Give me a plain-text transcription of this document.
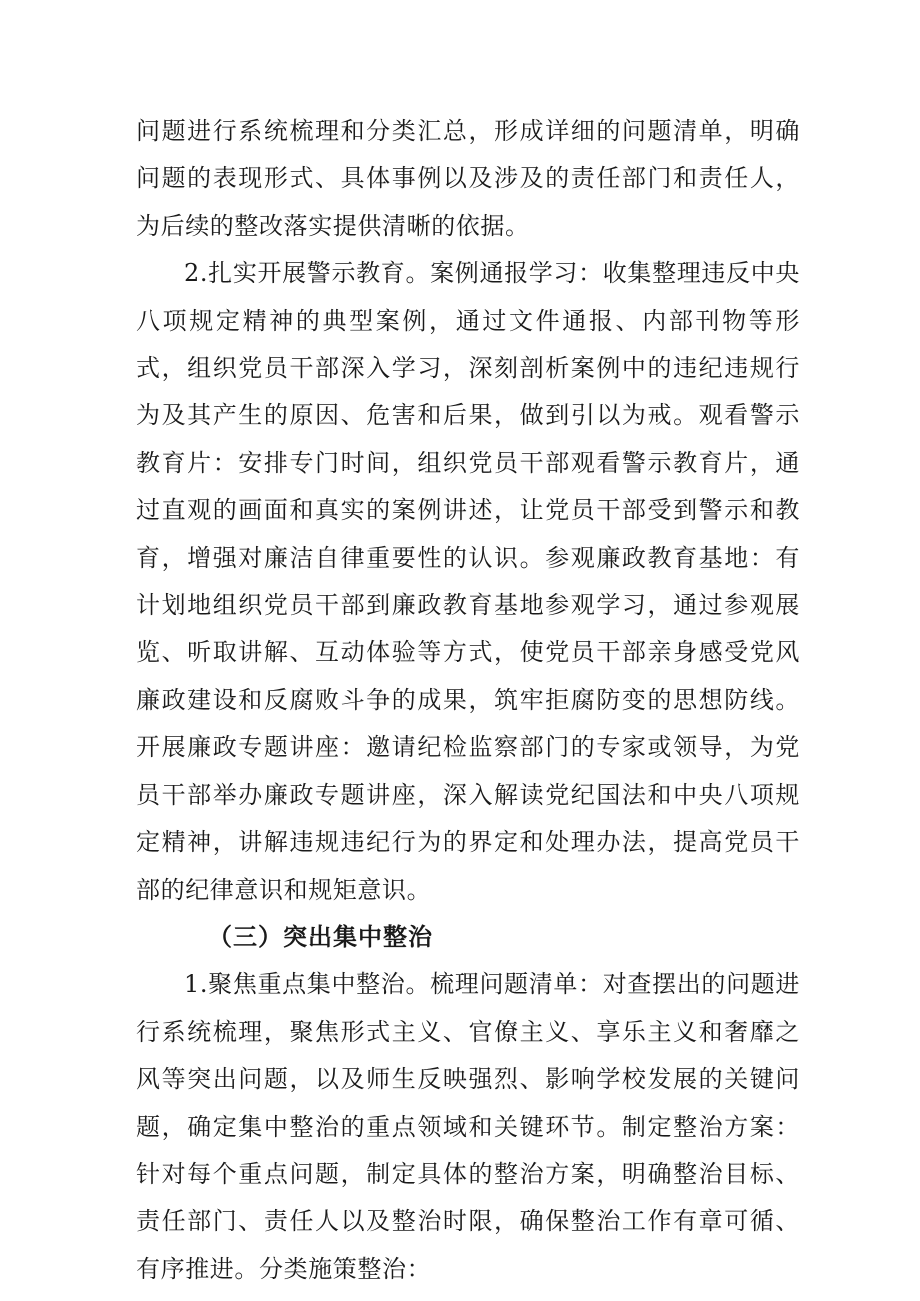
问题进行系统梳理和分类汇总，形成详细的问题清单，明确问题的表现形式、具体事例以及涉及的责任部门和责任人，为后续的整改落实提供清晰的依据。

2.扎实开展警示教育。案例通报学习：收集整理违反中央八项规定精神的典型案例，通过文件通报、内部刊物等形式，组织党员干部深入学习，深刻剖析案例中的违纪违规行为及其产生的原因、危害和后果，做到引以为戒。观看警示教育片：安排专门时间，组织党员干部观看警示教育片，通过直观的画面和真实的案例讲述，让党员干部受到警示和教育，增强对廉洁自律重要性的认识。参观廉政教育基地：有计划地组织党员干部到廉政教育基地参观学习，通过参观展览、听取讲解、互动体验等方式，使党员干部亲身感受党风廉政建设和反腐败斗争的成果，筑牢拒腐防变的思想防线。开展廉政专题讲座：邀请纪检监察部门的专家或领导，为党员干部举办廉政专题讲座，深入解读党纪国法和中央八项规定精神，讲解违规违纪行为的界定和处理办法，提高党员干部的纪律意识和规矩意识。

（三）突出集中整治

1.聚焦重点集中整治。梳理问题清单：对查摆出的问题进行系统梳理，聚焦形式主义、官僚主义、享乐主义和奢靡之风等突出问题，以及师生反映强烈、影响学校发展的关键问题，确定集中整治的重点领域和关键环节。制定整治方案：针对每个重点问题，制定具体的整治方案，明确整治目标、责任部门、责任人以及整治时限，确保整治工作有章可循、有序推进。分类施策整治：
